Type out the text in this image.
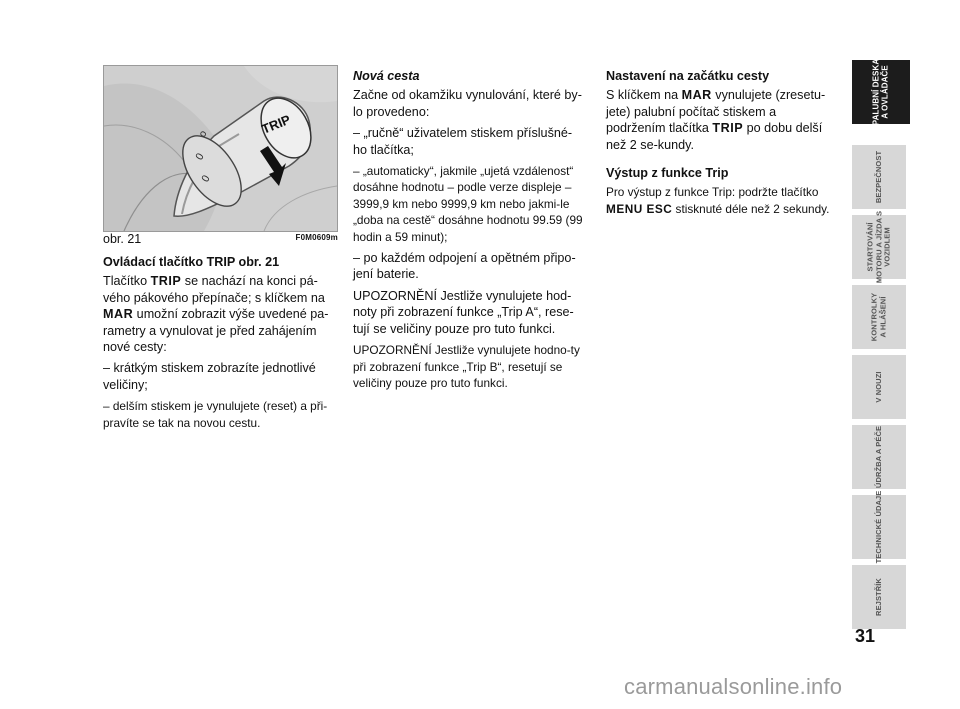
o
0
0
TRIP
obr. 21	F0M0609m

Ovládací tlačítko TRIP obr. 21

Tlačítko TRIP se nachází na konci pá-vého pákového přepínače; s klíčkem na MAR umožní zobrazit výše uvedené pa-rametry a vynulovat je před zahájením nové cesty:

– krátkým stiskem zobrazíte jednotlivé veličiny;

– delším stiskem je vynulujete (reset) a při-pravíte se tak na novou cestu.

Nová cesta

Začne od okamžiku vynulování, které by-lo provedeno:

– „ručně“ uživatelem stiskem příslušné-ho tlačítka;

– „automaticky“, jakmile „ujetá vzdálenost“ dosáhne hodnotu – podle verze displeje – 3999,9 km nebo 9999,9 km nebo jakmi-le „doba na cestě“ dosáhne hodnotu 99.59 (99 hodin a 59 minut);

– po každém odpojení a opětném připo-jení baterie.

UPOZORNĚNÍ Jestliže vynulujete hod-noty při zobrazení funkce „Trip A“, rese-tují se veličiny pouze pro tuto funkci.

UPOZORNĚNÍ Jestliže vynulujete hodno-ty při zobrazení funkce „Trip B“, resetují se veličiny pouze pro tuto funkci.

Nastavení na začátku cesty

S klíčkem na MAR vynulujete (zresetu-jete) palubní počítač stiskem a podržením tlačítka TRIP po dobu delší než 2 se-kundy.

Výstup z funkce Trip

Pro výstup z funkce Trip: podržte tlačítko MENU ESC stisknuté déle než 2 sekundy.

PALUBNÍ DESKA
A OVLÁDAČE
BEZPEČNOST
STARTOVÁNÍ
MOTORU A JÍZDA S
VOZIDLEM
KONTROLKY
A HLÁŠENÍ
V NOUZI
ÚDRŽBA A PÉČE
TECHNICKÉ ÚDAJE
REJSTŘÍK
31
carmanualsonline.info
